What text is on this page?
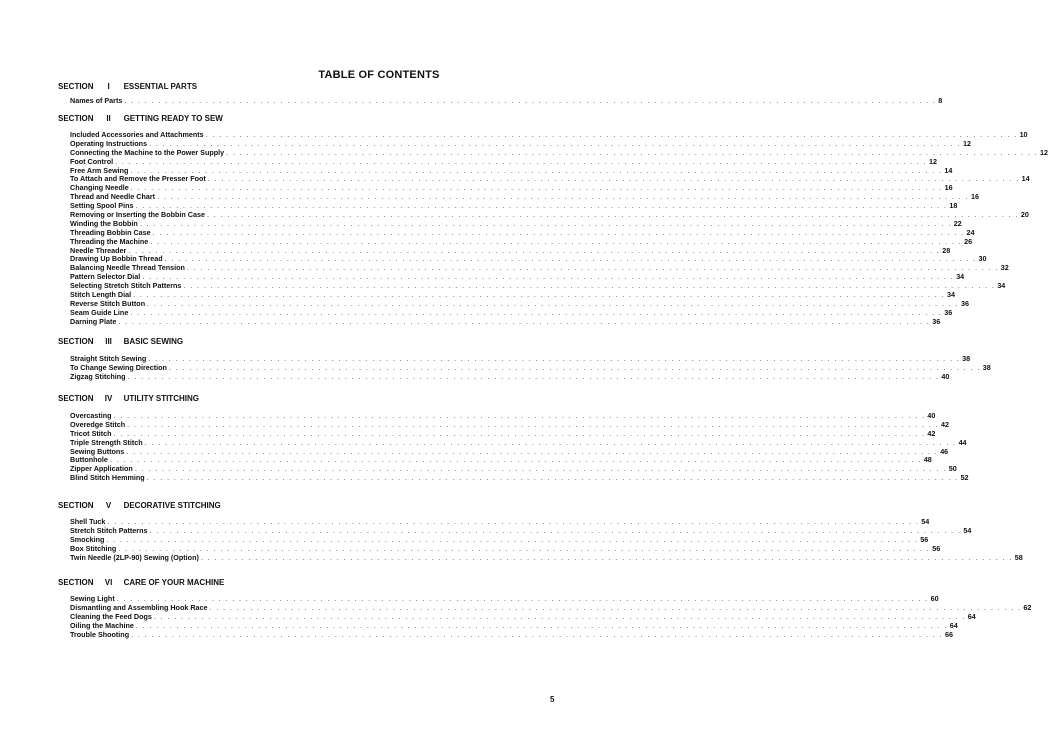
TABLE OF CONTENTS
SECTION I ESSENTIAL PARTS
Names of Parts . . . . . . . . . . . . . . . . . . . . . . . . . . . . . . . . . . . . . . . . . . . . . . . . . . . . . . . . . . . . . . . . . . . . . . . . . . . . . . . . . . . . . . . . . . . . . . . . . . . . . . . . . . . . . . . . . . . . . . . . 8
SECTION II GETTING READY TO SEW
Included Accessories and Attachments . . . . . . . . . . . . . . . . . . . . . . . . . . . . . . . . . . . . . . . . . . . . . . . . . . . . . . . . . . . . . . . . . . . . . . . . . . . . . . . . . . . . . . . . . . . . . . . . . . . . . . . . . . . . . . . . . . . . . . . . 10
Operating Instructions . . . . . . . . . . . . . . . . . . . . . . . . . . . . . . . . . . . . . . . . . . . . . . . . . . . . . . . . . . . . . . . . . . . . . . . . . . . . . . . . . . . . . . . . . . . . . . . . . . . . . . . . . . . . . . . . . . . . . . . . 12
Connecting the Machine to the Power Supply . . . . . . . . . . . . . . . . . . . . . . . . . . . . . . . . . . . . . . . . . . . . . . . . . . . . . . . . . . . . . . . . . . . . . . . . . . . . . . . . . . . . . . . . . . . . . . . . . . . . . . . . . . . . . . . . . . . . . . . . 12
Foot Control . . . . . . . . . . . . . . . . . . . . . . . . . . . . . . . . . . . . . . . . . . . . . . . . . . . . . . . . . . . . . . . . . . . . . . . . . . . . . . . . . . . . . . . . . . . . . . . . . . . . . . . . . . . . . . . . . . . . . . . . 12
Free Arm Sewing . . . . . . . . . . . . . . . . . . . . . . . . . . . . . . . . . . . . . . . . . . . . . . . . . . . . . . . . . . . . . . . . . . . . . . . . . . . . . . . . . . . . . . . . . . . . . . . . . . . . . . . . . . . . . . . . . . . . . . . . 14
To Attach and Remove the Presser Foot . . . . . . . . . . . . . . . . . . . . . . . . . . . . . . . . . . . . . . . . . . . . . . . . . . . . . . . . . . . . . . . . . . . . . . . . . . . . . . . . . . . . . . . . . . . . . . . . . . . . . . . . . . . . . . . . . . . . . . . . 14
Changing Needle . . . . . . . . . . . . . . . . . . . . . . . . . . . . . . . . . . . . . . . . . . . . . . . . . . . . . . . . . . . . . . . . . . . . . . . . . . . . . . . . . . . . . . . . . . . . . . . . . . . . . . . . . . . . . . . . . . . . . . . . 16
Thread and Needle Chart . . . . . . . . . . . . . . . . . . . . . . . . . . . . . . . . . . . . . . . . . . . . . . . . . . . . . . . . . . . . . . . . . . . . . . . . . . . . . . . . . . . . . . . . . . . . . . . . . . . . . . . . . . . . . . . . . . . . . . . . 16
Setting Spool Pins . . . . . . . . . . . . . . . . . . . . . . . . . . . . . . . . . . . . . . . . . . . . . . . . . . . . . . . . . . . . . . . . . . . . . . . . . . . . . . . . . . . . . . . . . . . . . . . . . . . . . . . . . . . . . . . . . . . . . . . . 18
Removing or Inserting the Bobbin Case . . . . . . . . . . . . . . . . . . . . . . . . . . . . . . . . . . . . . . . . . . . . . . . . . . . . . . . . . . . . . . . . . . . . . . . . . . . . . . . . . . . . . . . . . . . . . . . . . . . . . . . . . . . . . . . . . . . . . . . . 20
Winding the Bobbin . . . . . . . . . . . . . . . . . . . . . . . . . . . . . . . . . . . . . . . . . . . . . . . . . . . . . . . . . . . . . . . . . . . . . . . . . . . . . . . . . . . . . . . . . . . . . . . . . . . . . . . . . . . . . . . . . . . . . . . . 22
Threading Bobbin Case . . . . . . . . . . . . . . . . . . . . . . . . . . . . . . . . . . . . . . . . . . . . . . . . . . . . . . . . . . . . . . . . . . . . . . . . . . . . . . . . . . . . . . . . . . . . . . . . . . . . . . . . . . . . . . . . . . . . . . . . 24
Threading the Machine . . . . . . . . . . . . . . . . . . . . . . . . . . . . . . . . . . . . . . . . . . . . . . . . . . . . . . . . . . . . . . . . . . . . . . . . . . . . . . . . . . . . . . . . . . . . . . . . . . . . . . . . . . . . . . . . . . . . . . . . 26
Needle Threader . . . . . . . . . . . . . . . . . . . . . . . . . . . . . . . . . . . . . . . . . . . . . . . . . . . . . . . . . . . . . . . . . . . . . . . . . . . . . . . . . . . . . . . . . . . . . . . . . . . . . . . . . . . . . . . . . . . . . . . . 28
Drawing Up Bobbin Thread . . . . . . . . . . . . . . . . . . . . . . . . . . . . . . . . . . . . . . . . . . . . . . . . . . . . . . . . . . . . . . . . . . . . . . . . . . . . . . . . . . . . . . . . . . . . . . . . . . . . . . . . . . . . . . . . . . . . . . . . 30
Balancing Needle Thread Tension . . . . . . . . . . . . . . . . . . . . . . . . . . . . . . . . . . . . . . . . . . . . . . . . . . . . . . . . . . . . . . . . . . . . . . . . . . . . . . . . . . . . . . . . . . . . . . . . . . . . . . . . . . . . . . . . . . . . . . . . 32
Pattern Selector Dial . . . . . . . . . . . . . . . . . . . . . . . . . . . . . . . . . . . . . . . . . . . . . . . . . . . . . . . . . . . . . . . . . . . . . . . . . . . . . . . . . . . . . . . . . . . . . . . . . . . . . . . . . . . . . . . . . . . . . . . . 34
Selecting Stretch Stitch Patterns . . . . . . . . . . . . . . . . . . . . . . . . . . . . . . . . . . . . . . . . . . . . . . . . . . . . . . . . . . . . . . . . . . . . . . . . . . . . . . . . . . . . . . . . . . . . . . . . . . . . . . . . . . . . . . . . . . . . . . . . 34
Stitch Length Dial . . . . . . . . . . . . . . . . . . . . . . . . . . . . . . . . . . . . . . . . . . . . . . . . . . . . . . . . . . . . . . . . . . . . . . . . . . . . . . . . . . . . . . . . . . . . . . . . . . . . . . . . . . . . . . . . . . . . . . . . 34
Reverse Stitch Button . . . . . . . . . . . . . . . . . . . . . . . . . . . . . . . . . . . . . . . . . . . . . . . . . . . . . . . . . . . . . . . . . . . . . . . . . . . . . . . . . . . . . . . . . . . . . . . . . . . . . . . . . . . . . . . . . . . . . . . . 36
Seam Guide Line . . . . . . . . . . . . . . . . . . . . . . . . . . . . . . . . . . . . . . . . . . . . . . . . . . . . . . . . . . . . . . . . . . . . . . . . . . . . . . . . . . . . . . . . . . . . . . . . . . . . . . . . . . . . . . . . . . . . . . . . 36
Darning Plate . . . . . . . . . . . . . . . . . . . . . . . . . . . . . . . . . . . . . . . . . . . . . . . . . . . . . . . . . . . . . . . . . . . . . . . . . . . . . . . . . . . . . . . . . . . . . . . . . . . . . . . . . . . . . . . . . . . . . . . . 36
SECTION III BASIC SEWING
Straight Stitch Sewing . . . . . . . . . . . . . . . . . . . . . . . . . . . . . . . . . . . . . . . . . . . . . . . . . . . . . . . . . . . . . . . . . . . . . . . . . . . . . . . . . . . . . . . . . . . . . . . . . . . . . . . . . . . . . . . . . . . . . . . . 38
To Change Sewing Direction . . . . . . . . . . . . . . . . . . . . . . . . . . . . . . . . . . . . . . . . . . . . . . . . . . . . . . . . . . . . . . . . . . . . . . . . . . . . . . . . . . . . . . . . . . . . . . . . . . . . . . . . . . . . . . . . . . . . . . . . 38
Zigzag Stitching . . . . . . . . . . . . . . . . . . . . . . . . . . . . . . . . . . . . . . . . . . . . . . . . . . . . . . . . . . . . . . . . . . . . . . . . . . . . . . . . . . . . . . . . . . . . . . . . . . . . . . . . . . . . . . . . . . . . . . . . 40
SECTION IV UTILITY STITCHING
Overcasting . . . . . . . . . . . . . . . . . . . . . . . . . . . . . . . . . . . . . . . . . . . . . . . . . . . . . . . . . . . . . . . . . . . . . . . . . . . . . . . . . . . . . . . . . . . . . . . . . . . . . . . . . . . . . . . . . . . . . . . . 40
Overedge Stitch . . . . . . . . . . . . . . . . . . . . . . . . . . . . . . . . . . . . . . . . . . . . . . . . . . . . . . . . . . . . . . . . . . . . . . . . . . . . . . . . . . . . . . . . . . . . . . . . . . . . . . . . . . . . . . . . . . . . . . . . 42
Tricot Stitch . . . . . . . . . . . . . . . . . . . . . . . . . . . . . . . . . . . . . . . . . . . . . . . . . . . . . . . . . . . . . . . . . . . . . . . . . . . . . . . . . . . . . . . . . . . . . . . . . . . . . . . . . . . . . . . . . . . . . . . . 42
Triple Strength Stitch . . . . . . . . . . . . . . . . . . . . . . . . . . . . . . . . . . . . . . . . . . . . . . . . . . . . . . . . . . . . . . . . . . . . . . . . . . . . . . . . . . . . . . . . . . . . . . . . . . . . . . . . . . . . . . . . . . . . . . . . 44
Sewing Buttons . . . . . . . . . . . . . . . . . . . . . . . . . . . . . . . . . . . . . . . . . . . . . . . . . . . . . . . . . . . . . . . . . . . . . . . . . . . . . . . . . . . . . . . . . . . . . . . . . . . . . . . . . . . . . . . . . . . . . . . . 46
Buttonhole . . . . . . . . . . . . . . . . . . . . . . . . . . . . . . . . . . . . . . . . . . . . . . . . . . . . . . . . . . . . . . . . . . . . . . . . . . . . . . . . . . . . . . . . . . . . . . . . . . . . . . . . . . . . . . . . . . . . . . . . 48
Zipper Application . . . . . . . . . . . . . . . . . . . . . . . . . . . . . . . . . . . . . . . . . . . . . . . . . . . . . . . . . . . . . . . . . . . . . . . . . . . . . . . . . . . . . . . . . . . . . . . . . . . . . . . . . . . . . . . . . . . . . . . . 50
Blind Stitch Hemming . . . . . . . . . . . . . . . . . . . . . . . . . . . . . . . . . . . . . . . . . . . . . . . . . . . . . . . . . . . . . . . . . . . . . . . . . . . . . . . . . . . . . . . . . . . . . . . . . . . . . . . . . . . . . . . . . . . . . . . . 52
SECTION V DECORATIVE STITCHING
Shell Tuck . . . . . . . . . . . . . . . . . . . . . . . . . . . . . . . . . . . . . . . . . . . . . . . . . . . . . . . . . . . . . . . . . . . . . . . . . . . . . . . . . . . . . . . . . . . . . . . . . . . . . . . . . . . . . . . . . . . . . . . . 54
Stretch Stitch Patterns . . . . . . . . . . . . . . . . . . . . . . . . . . . . . . . . . . . . . . . . . . . . . . . . . . . . . . . . . . . . . . . . . . . . . . . . . . . . . . . . . . . . . . . . . . . . . . . . . . . . . . . . . . . . . . . . . . . . . . . . 54
Smocking . . . . . . . . . . . . . . . . . . . . . . . . . . . . . . . . . . . . . . . . . . . . . . . . . . . . . . . . . . . . . . . . . . . . . . . . . . . . . . . . . . . . . . . . . . . . . . . . . . . . . . . . . . . . . . . . . . . . . . . . 56
Box Stitching . . . . . . . . . . . . . . . . . . . . . . . . . . . . . . . . . . . . . . . . . . . . . . . . . . . . . . . . . . . . . . . . . . . . . . . . . . . . . . . . . . . . . . . . . . . . . . . . . . . . . . . . . . . . . . . . . . . . . . . . 56
Twin Needle (2LP-90) Sewing (Option) . . . . . . . . . . . . . . . . . . . . . . . . . . . . . . . . . . . . . . . . . . . . . . . . . . . . . . . . . . . . . . . . . . . . . . . . . . . . . . . . . . . . . . . . . . . . . . . . . . . . . . . . . . . . . . . . . . . . . . . . 58
SECTION VI CARE OF YOUR MACHINE
Sewing Light . . . . . . . . . . . . . . . . . . . . . . . . . . . . . . . . . . . . . . . . . . . . . . . . . . . . . . . . . . . . . . . . . . . . . . . . . . . . . . . . . . . . . . . . . . . . . . . . . . . . . . . . . . . . . . . . . . . . . . . . 60
Dismantling and Assembling Hook Race . . . . . . . . . . . . . . . . . . . . . . . . . . . . . . . . . . . . . . . . . . . . . . . . . . . . . . . . . . . . . . . . . . . . . . . . . . . . . . . . . . . . . . . . . . . . . . . . . . . . . . . . . . . . . . . . . . . . . . . . 62
Cleaning the Feed Dogs . . . . . . . . . . . . . . . . . . . . . . . . . . . . . . . . . . . . . . . . . . . . . . . . . . . . . . . . . . . . . . . . . . . . . . . . . . . . . . . . . . . . . . . . . . . . . . . . . . . . . . . . . . . . . . . . . . . . . . . . 64
Oiling the Machine . . . . . . . . . . . . . . . . . . . . . . . . . . . . . . . . . . . . . . . . . . . . . . . . . . . . . . . . . . . . . . . . . . . . . . . . . . . . . . . . . . . . . . . . . . . . . . . . . . . . . . . . . . . . . . . . . . . . . . . . 64
Trouble Shooting . . . . . . . . . . . . . . . . . . . . . . . . . . . . . . . . . . . . . . . . . . . . . . . . . . . . . . . . . . . . . . . . . . . . . . . . . . . . . . . . . . . . . . . . . . . . . . . . . . . . . . . . . . . . . . . . . . . . . . . . 66
5
